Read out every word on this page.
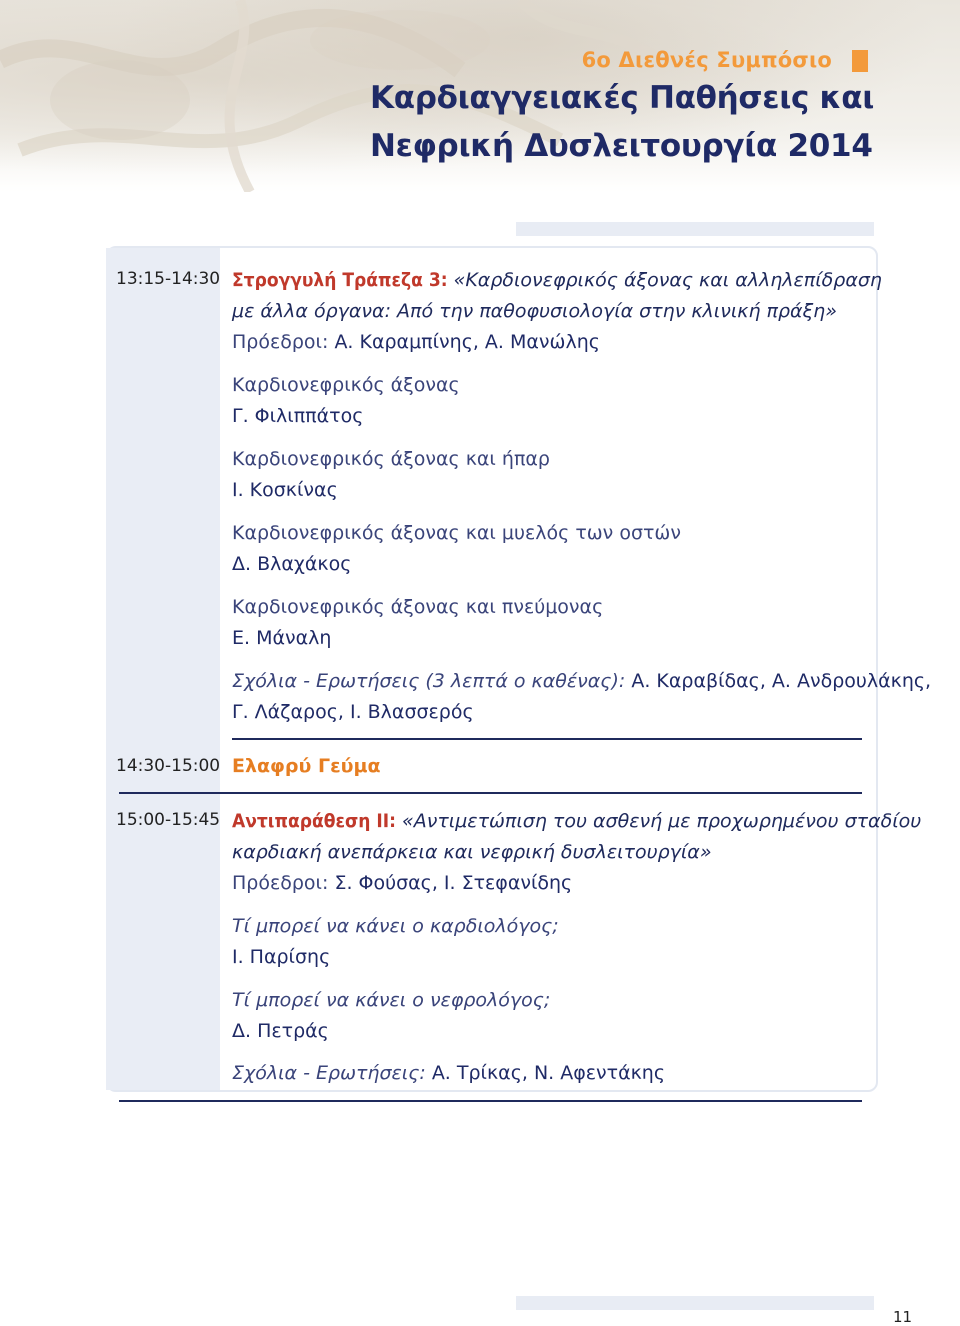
6ο Διεθνές Συμπόσιο
Καρδιαγγειακές Παθήσεις και
Νεφρική Δυσλειτουργία 2014
13:15-14:30 Στρογγυλή Τράπεζα 3: «Καρδιονεφρικός άξονας και αλληλεπίδραση
με άλλα όργανα: Από την παθοφυσιολογία στην κλινική πράξη»
Πρόεδροι: Α. Καραμπίνης, Α. Μανώλης
Καρδιονεφρικός άξονας
Γ. Φιλιππάτος
Καρδιονεφρικός άξονας και ήπαρ
Ι. Κοσκίνας
Καρδιονεφρικός άξονας και μυελός των οστών
Δ. Βλαχάκος
Καρδιονεφρικός άξονας και πνεύμονας
Ε. Μάναλη
Σχόλια - Ερωτήσεις (3 λεπτά ο καθένας): Α. Καραβίδας, Α. Ανδρουλάκης,
Γ. Λάζαρος, Ι. Βλασσερός
14:30-15:00 Ελαφρύ Γεύμα
15:00-15:45 Αντιπαράθεση ΙΙ: «Αντιμετώπιση του ασθενή με προχωρημένου σταδίου
καρδιακή ανεπάρκεια και νεφρική δυσλειτουργία»
Πρόεδροι: Σ. Φούσας, Ι. Στεφανίδης
Τί μπορεί να κάνει ο καρδιολόγος;
Ι. Παρίσης
Τί μπορεί να κάνει ο νεφρολόγος;
Δ. Πετράς
Σχόλια - Ερωτήσεις: Α. Τρίκας, Ν. Αφεντάκης
11
